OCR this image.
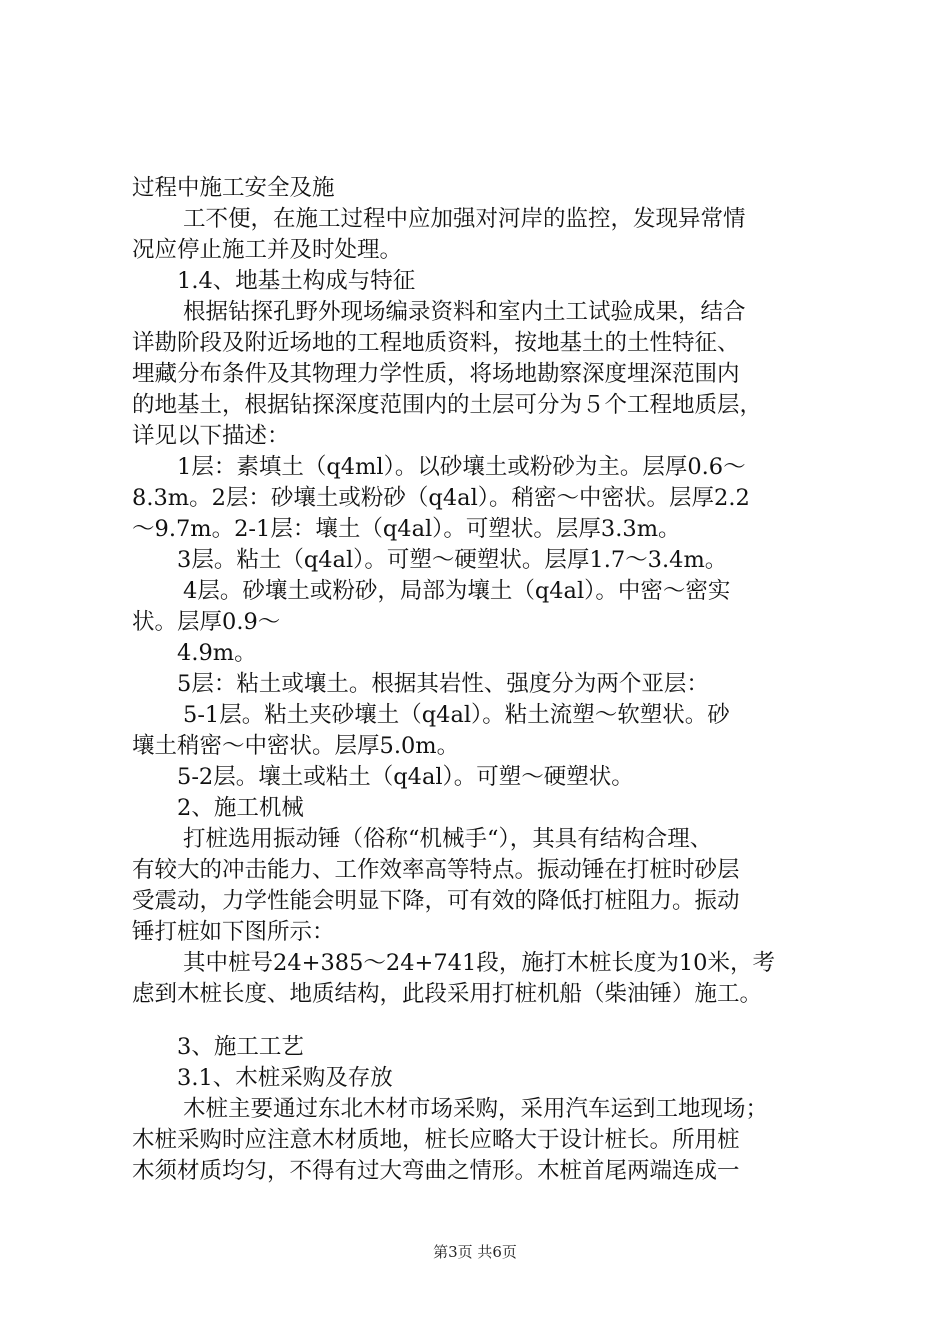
过程中施工安全及施
工不便，在施工过程中应加强对河岸的监控，发现异常情
况应停止施工并及时处理。
1.4、地基土构成与特征
根据钻探孔野外现场编录资料和室内土工试验成果，结合
详勘阶段及附近场地的工程地质资料，按地基土的土性特征、
埋藏分布条件及其物理力学性质，将场地勘察深度埋深范围内
的地基土，根据钻探深度范围内的土层可分为５个工程地质层，
详见以下描述：
1层：素填土（q4ml）。以砂壤土或粉砂为主。层厚0.6～
8.3m。2层：砂壤土或粉砂（q4al）。稍密～中密状。层厚2.2
～9.7m。2-1层：壤土（q4al）。可塑状。层厚3.3m。
3层。粘土（q4al）。可塑～硬塑状。层厚1.7～3.4m。
4层。砂壤土或粉砂，局部为壤土（q4al）。中密～密实
状。层厚0.9～
4.9m。
5层：粘土或壤土。根据其岩性、强度分为两个亚层：
5-1层。粘土夹砂壤土（q4al）。粘土流塑～软塑状。砂
壤土稍密～中密状。层厚5.0m。
5-2层。壤土或粘土（q4al）。可塑～硬塑状。
2、施工机械
打桩选用振动锤（俗称“机械手“），其具有结构合理、
有较大的冲击能力、工作效率高等特点。振动锤在打桩时砂层
受震动，力学性能会明显下降，可有效的降低打桩阻力。振动
锤打桩如下图所示：
其中桩号24+385～24+741段，施打木桩长度为10米，考
虑到木桩长度、地质结构，此段采用打桩机船（柴油锤）施工。
3、施工工艺
3.1、木桩采购及存放
木桩主要通过东北木材市场采购，采用汽车运到工地现场；
木桩采购时应注意木材质地，桩长应略大于设计桩长。所用桩
木须材质均匀，不得有过大弯曲之情形。木桩首尾两端连成一
第3页 共6页
